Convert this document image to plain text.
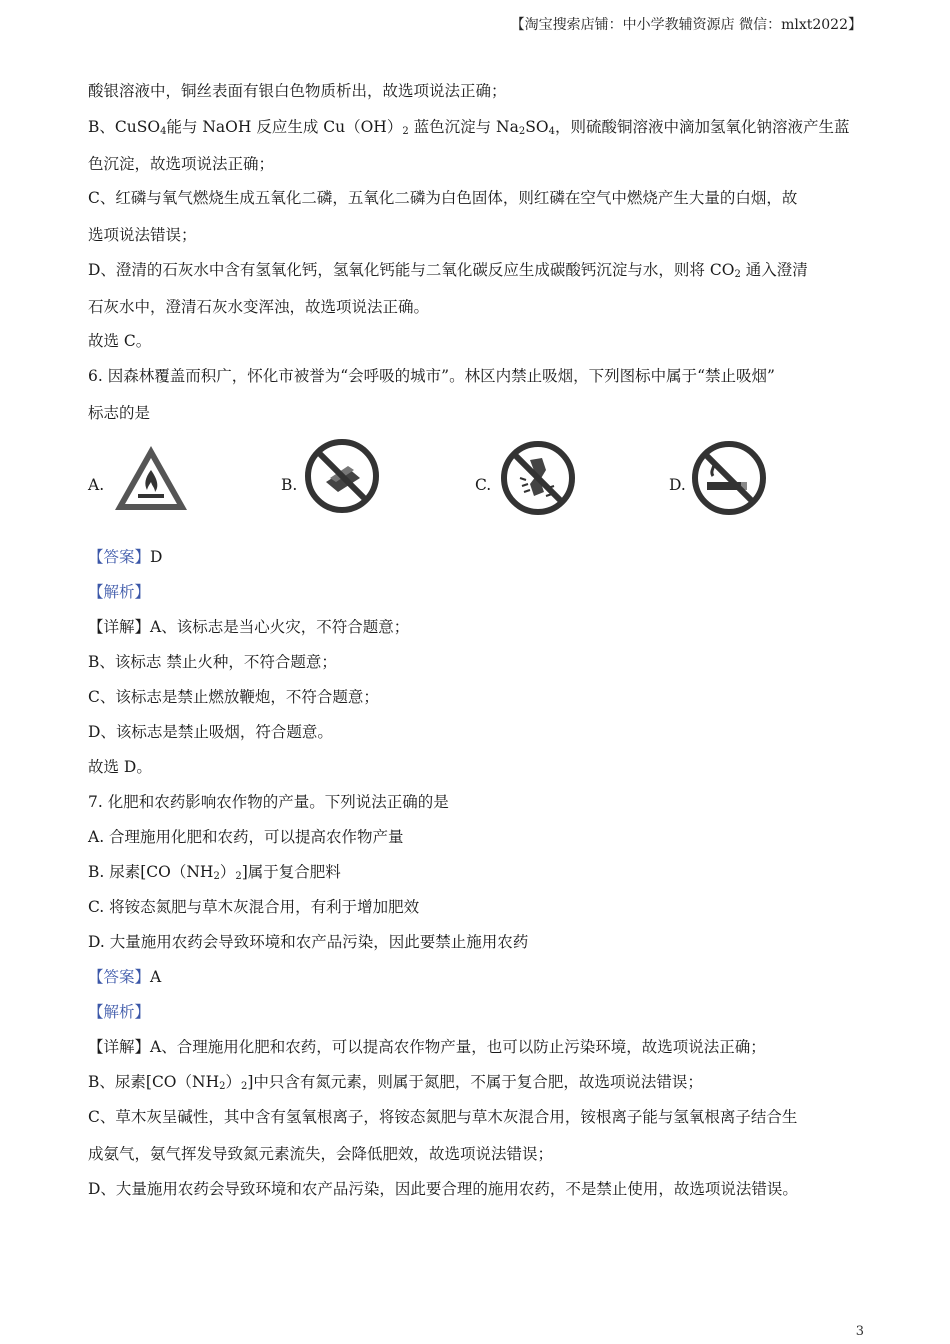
【淘宝搜索店铺：中小学教辅资源店 微信：mlxt2022】
酸银溶液中，铜丝表面有银白色物质析出，故选项说法正确；
B、CuSO$_4$能与 NaOH 反应生成 $Cu(OH)_2$ 蓝色沉淀与 $Na_2SO_4$，则硫酸铜溶液中滴加氢氧化钠溶液产生蓝
色沉淀，故选项说法正确；
C、红磷与氧气燃烧生成五氧化二磷，五氧化二磷为白色固体，则红磷在空气中燃烧产生大量的白烟，故
选项说法错误；
D、澄清的石灰水中含有氢氧化钙，氢氧化钙能与二氧化碳反应生成碳酸钙沉淀与水，则将 $CO_2$ 通入澄清
石灰水中，澄清石灰水变浑浊，故选项说法正确。
故选 C。
6. 因森林覆盖而积广，怀化市被誉为“会呼吸的城市”。林区内禁止吸烟，下列图标中属于“禁止吸烟”
标志的是
A.	B.	C.	D.
【答案】D
【解析】
【详解】A、该标志是当心火灾，不符合题意；
B、该标志 禁止火种，不符合题意；
C、该标志是禁止燃放鞭炮，不符合题意；
D、该标志是禁止吸烟，符合题意。
故选 D。
7. 化肥和农药影响农作物的产量。下列说法正确的是
A. 合理施用化肥和农药，可以提高农作物产量
B. 尿素$[CO(NH_2)_2]$属于复合肥料
C. 将铵态氮肥与草木灰混合用，有利于增加肥效
D. 大量施用农药会导致环境和农产品污染，因此要禁止施用农药
【答案】A
【解析】
【详解】A、合理施用化肥和农药，可以提高农作物产量，也可以防止污染环境，故选项说法正确；
B、尿素$[CO(NH_2)_2]$中只含有氮元素，则属于氮肥，不属于复合肥，故选项说法错误；
C、草木灰呈碱性，其中含有氢氧根离子，将铵态氮肥与草木灰混合用，铵根离子能与氢氧根离子结合生
成氨气，氨气挥发导致氮元素流失，会降低肥效，故选项说法错误；
D、大量施用农药会导致环境和农产品污染，因此要合理的施用农药，不是禁止使用，故选项说法错误。
3
